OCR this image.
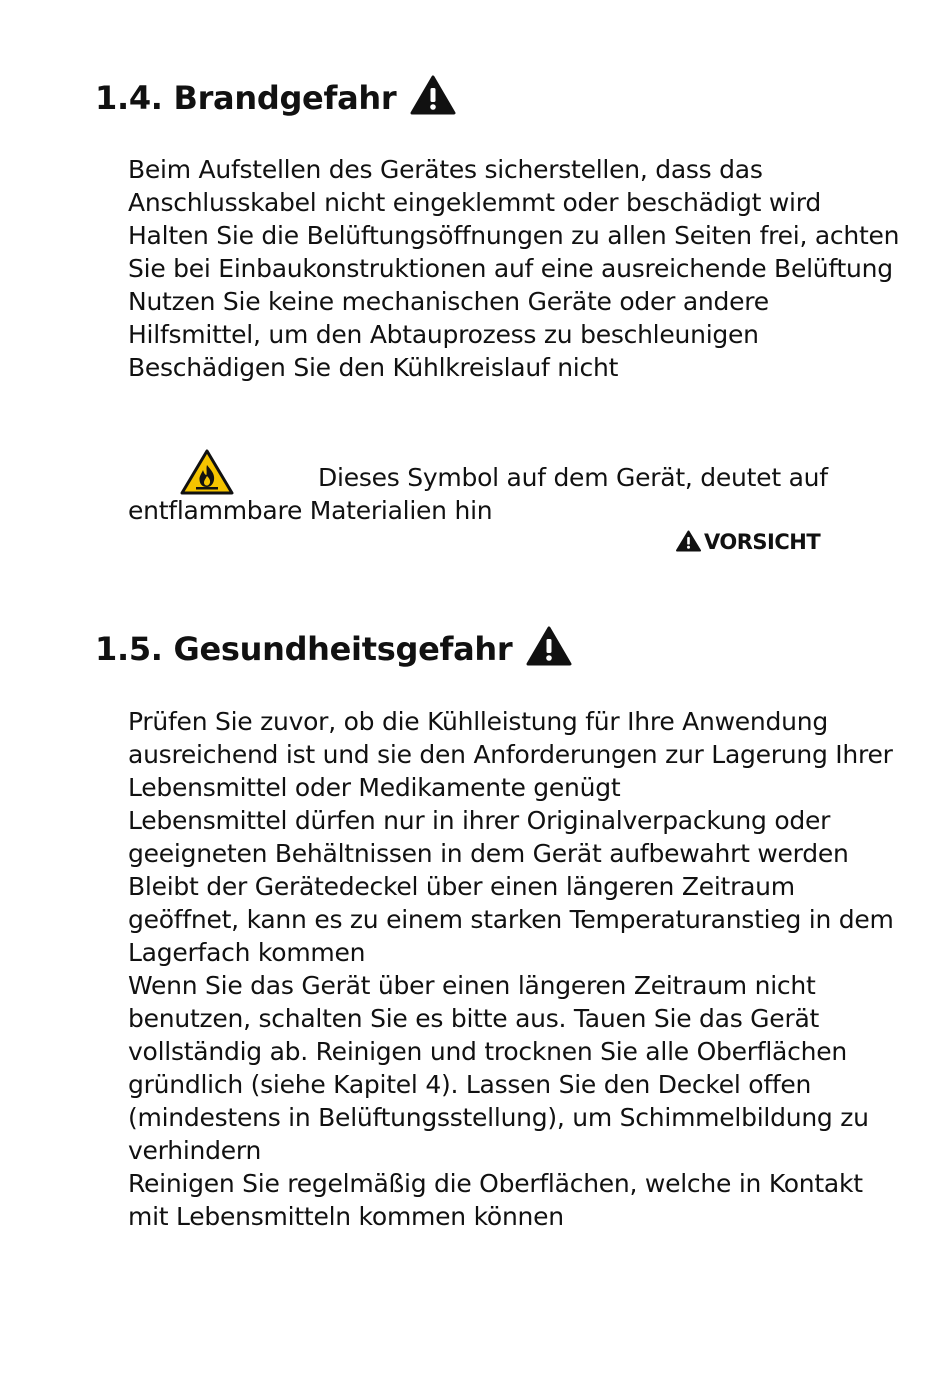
1.4. Brandgefahr

Beim Aufstellen des Gerätes sicherstellen, dass das Anschlusskabel nicht eingeklemmt oder beschädigt wird

Halten Sie die Belüftungsöffnungen zu allen Seiten frei, achten Sie bei Einbaukonstruktionen auf eine ausreichende Belüftung

Nutzen Sie keine mechanischen Geräte oder andere Hilfsmittel, um den Abtauprozess zu beschleunigen

Beschädigen Sie den Kühlkreislauf nicht

Dieses Symbol auf dem Gerät, deutet auf entflammbare Materialien hin
VORSICHT
1.5. Gesundheitsgefahr

Prüfen Sie zuvor, ob die Kühlleistung für Ihre Anwendung ausreichend ist und sie den Anforderungen zur Lagerung Ihrer Lebensmittel oder Medikamente genügt

Lebensmittel dürfen nur in ihrer Originalverpackung oder geeigneten Behältnissen in dem Gerät aufbewahrt werden

Bleibt der Gerätedeckel über einen längeren Zeitraum geöffnet, kann es zu einem starken Temperaturanstieg in dem Lagerfach kommen

Wenn Sie das Gerät über einen längeren Zeitraum nicht benutzen, schalten Sie es bitte aus. Tauen Sie das Gerät vollständig ab. Reinigen und trocknen Sie alle Oberflächen gründlich (siehe Kapitel 4). Lassen Sie den Deckel offen (mindestens in Belüftungsstellung), um Schimmelbildung zu verhindern

Reinigen Sie regelmäßig die Oberflächen, welche in Kontakt mit Lebensmitteln kommen können
